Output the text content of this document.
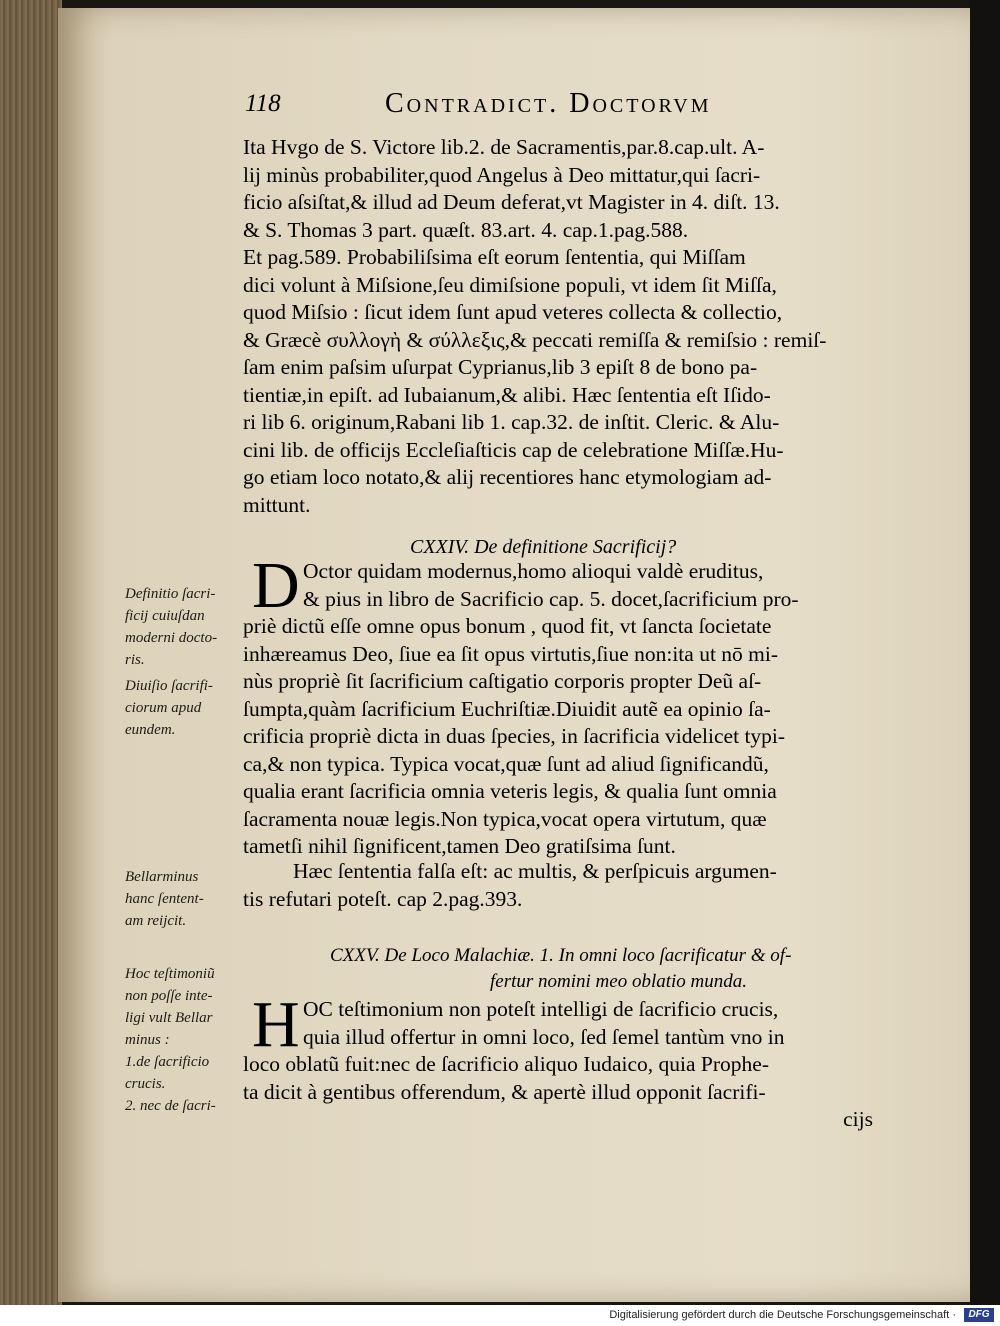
118	Contradict. Doctorvm
Ita Hvgo de S. Victore lib.2. de Sacramentis,par.8.cap.ult. A-
lij minùs probabiliter,quod Angelus à Deo mittatur,qui ſacri-
ficio aſsiſtat,& illud ad Deum deferat,vt Magister in 4. diſt. 13.
& S. Thomas 3 part. quæſt. 83.art. 4. cap.1.pag.588.
Et pag.589. Probabiliſsima eſt eorum ſententia, qui Miſſam
dici volunt à Miſsione,ſeu dimiſsione populi, vt idem ſit Miſſa,
quod Miſsio : ſicut idem ſunt apud veteres collecta & collectio,
& Græcè συλλογὴ & σύλλεξις,& peccati remiſſa & remiſsio : remiſ-
ſam enim paſsim uſurpat Cyprianus,lib 3 epiſt 8 de bono pa-
tientiæ,in epiſt. ad Iubaianum,& alibi. Hæc ſententia eſt Iſido-
ri lib 6. originum,Rabani lib 1. cap.32. de inſtit. Cleric. & Alu-
cini lib. de officijs Eccleſiaſticis cap de celebratione Miſſæ.Hu-
go etiam loco notato,& alij recentiores hanc etymologiam ad-
mittunt.
CXXIV. De definitione Sacrificij?
D Octor quidam modernus,homo alioqui valdè eruditus,
& pius in libro de Sacrificio cap. 5. docet,ſacrificium pro-
priè dictũ eſſe omne opus bonum , quod fit, vt ſancta ſocietate
inhæreamus Deo, ſiue ea ſit opus virtutis,ſiue non:ita ut nō mi-
nùs propriè ſit ſacrificium caſtigatio corporis propter Deũ aſ-
ſumpta,quàm ſacrificium Euchriſtiæ.Diuidit autẽ ea opinio ſa-
crificia propriè dicta in duas ſpecies, in ſacrificia videlicet typi-
ca,& non typica. Typica vocat,quæ ſunt ad aliud ſignificandũ,
qualia erant ſacrificia omnia veteris legis, & qualia ſunt omnia
ſacramenta nouæ legis.Non typica,vocat opera virtutum, quæ
tametſi nihil ſignificent,tamen Deo gratiſsima ſunt.
Hæc ſententia falſa eſt: ac multis, & perſpicuis argumen-
tis refutari poteſt. cap 2.pag.393.
CXXV. De Loco Malachiæ. 1. In omni loco ſacrificatur & of-
fertur nomini meo oblatio munda.
H OC teſtimonium non poteſt intelligi de ſacrificio crucis,
quia illud offertur in omni loco, ſed ſemel tantùm vno in
loco oblatũ fuit:nec de ſacrificio aliquo Iudaico, quia Prophe-
ta dicit à gentibus offerendum, & apertè illud opponit ſacrifi-
cijs
Definitio ſacri-
ficij cuiuſdan
moderni docto-
ris.
Diuiſio ſacrifi-
ciorum apud
eundem.
Bellarminus
hanc ſentent-
am reijcit.
Hoc teſtimoniũ
non poſſe inte-
ligi vult Bellar
minus :
1.de ſacrificio
crucis.
2. nec de ſacri-
Digitalisierung gefördert durch die Deutsche Forschungsgemeinschaft ·	DFG
